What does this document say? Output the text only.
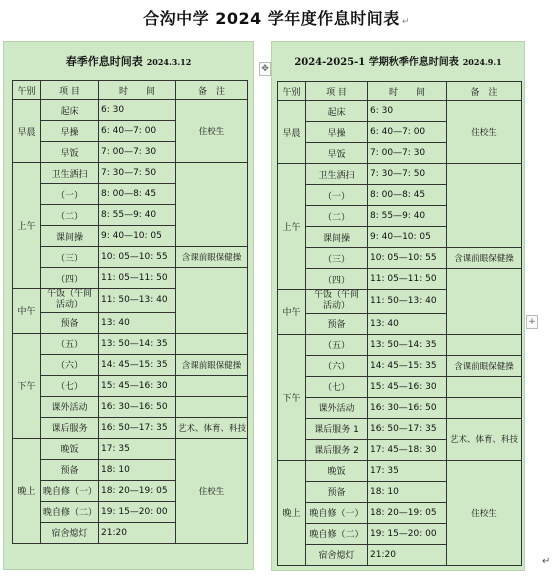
合沟中学 2024 学年度作息时间表 ↵
春季作息时间表 2024.3.12
午别	项 目	时　　间	备　注
早晨	起床	6: 30	住校生
	早操	6: 40—7: 00	
	早饭	7: 00—7: 30	
上午	卫生洒扫	7: 30—7: 50	
	（一）	8: 00—8: 45	
	（二）	8: 55—9: 40	
	课间操	9: 40—10: 05	
	（三）	10: 05—10: 55	含课前眼保健操
	（四）	11: 05—11: 50	
中午	午饭（午间活动）	11: 50—13: 40	
	预备	13: 40	
下午	（五）	13: 50—14: 35	
	（六）	14: 45—15: 35	含课前眼保健操
	（七）	15: 45—16: 30	
	课外活动	16: 30—16: 50	
	课后服务	16: 50—17: 35	艺术、体育、科技
晚上	晚饭	17: 35	住校生
	预备	18: 10	
	晚自修（一）	18: 20—19: 05	
	晚自修（二）	19: 15—20: 00	
	宿舍熄灯	21:20	
✥
2024-2025-1 学期秋季作息时间表 2024.9.1
午别	项 目	时　　间	备　注
早晨	起床	6: 30	住校生
	早操	6: 40—7: 00	
	早饭	7: 00—7: 30	
上午	卫生洒扫	7: 30—7: 50	
	（一）	8: 00—8: 45	
	（二）	8: 55—9: 40	
	课间操	9: 40—10: 05	
	（三）	10: 05—10: 55	含课前眼保健操
	（四）	11: 05—11: 50	
中午	午饭（午间活动）	11: 50—13: 40	
	预备	13: 40	
下午	（五）	13: 50—14: 35	
	（六）	14: 45—15: 35	含课前眼保健操
	（七）	15: 45—16: 30	
	课外活动	16: 30—16: 50	
	课后服务 1	16: 50—17: 35	艺术、体育、科技
	课后服务 2	17: 45—18: 30	
晚上	晚饭	17: 35	住校生
	预备	18: 10	
	晚自修（一）	18: 20—19: 05	
	晚自修（二）	19: 15—20: 00	
	宿舍熄灯	21:20	
+
↵
